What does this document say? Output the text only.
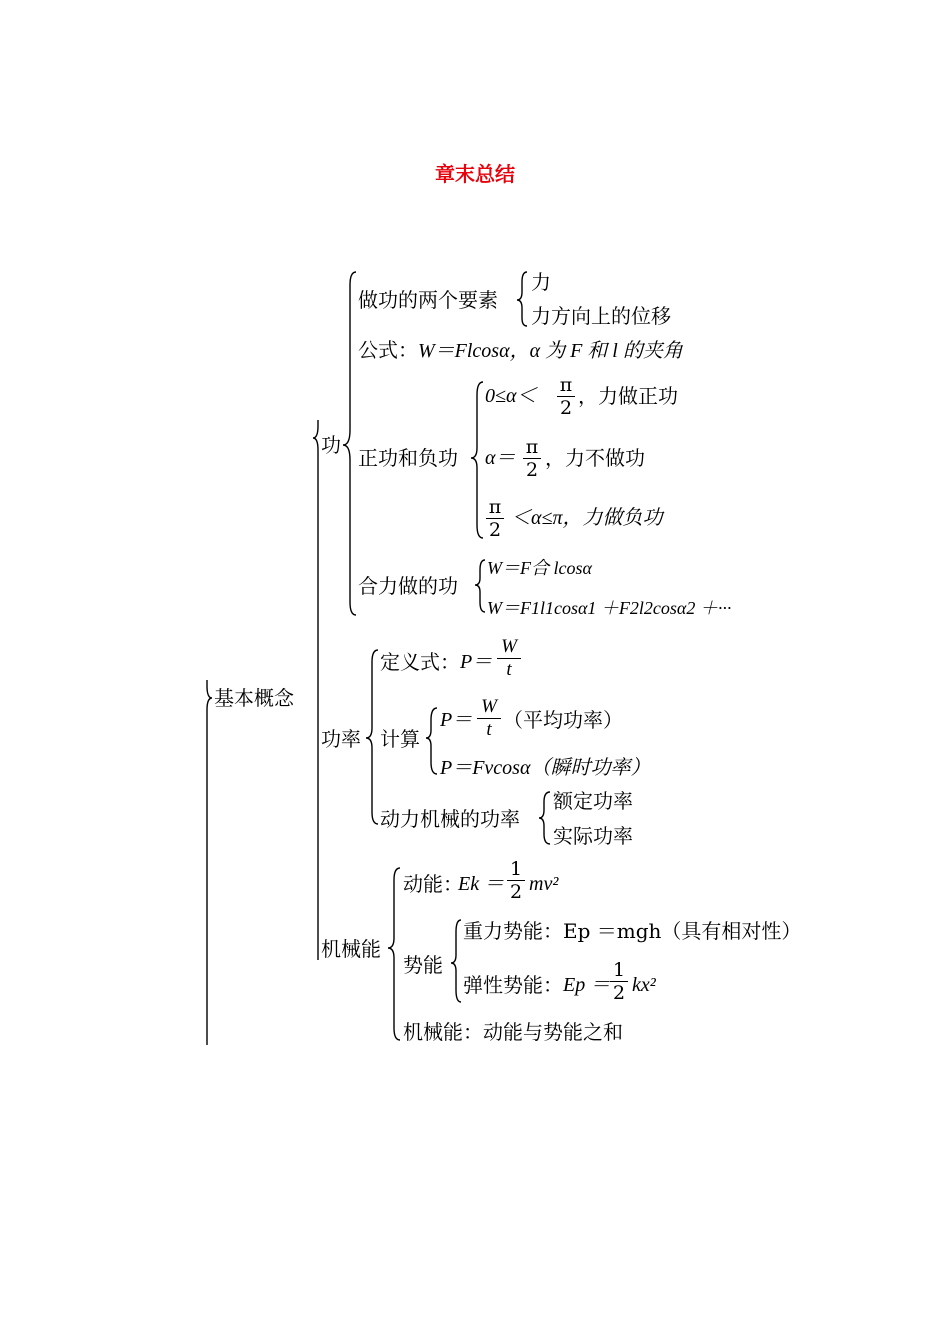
章末总结
基本概念
功
做功的两个要素
力
力方向上的位移
公式：W＝Flcosα，α 为 F 和 l 的夹角
正功和负功
$0\le\alpha< \frac{\pi}{2}$ ，力做正功
$\alpha= \frac{\pi}{2}$ ，力不做功
$\frac{\pi}{2} <\alpha\le\pi$，力做负功
合力做的功
W＝F合 lcosα
W＝F1l1cosα1 ＋F2l2cosα2 ＋···
功率
定义式： $P= \frac{W}{t}$
计算
$P= \frac{W}{t}$ （平均功率）
P＝Fvcosα（瞬时功率）
动力机械的功率
额定功率
实际功率
机械能
动能：
$Ek = \frac{1}{2} mv^2$
势能
重力势能：Ep ＝mgh（具有相对性）
弹性势能： $Ep = \frac{1}{2} kx^2$
机械能：动能与势能之和
